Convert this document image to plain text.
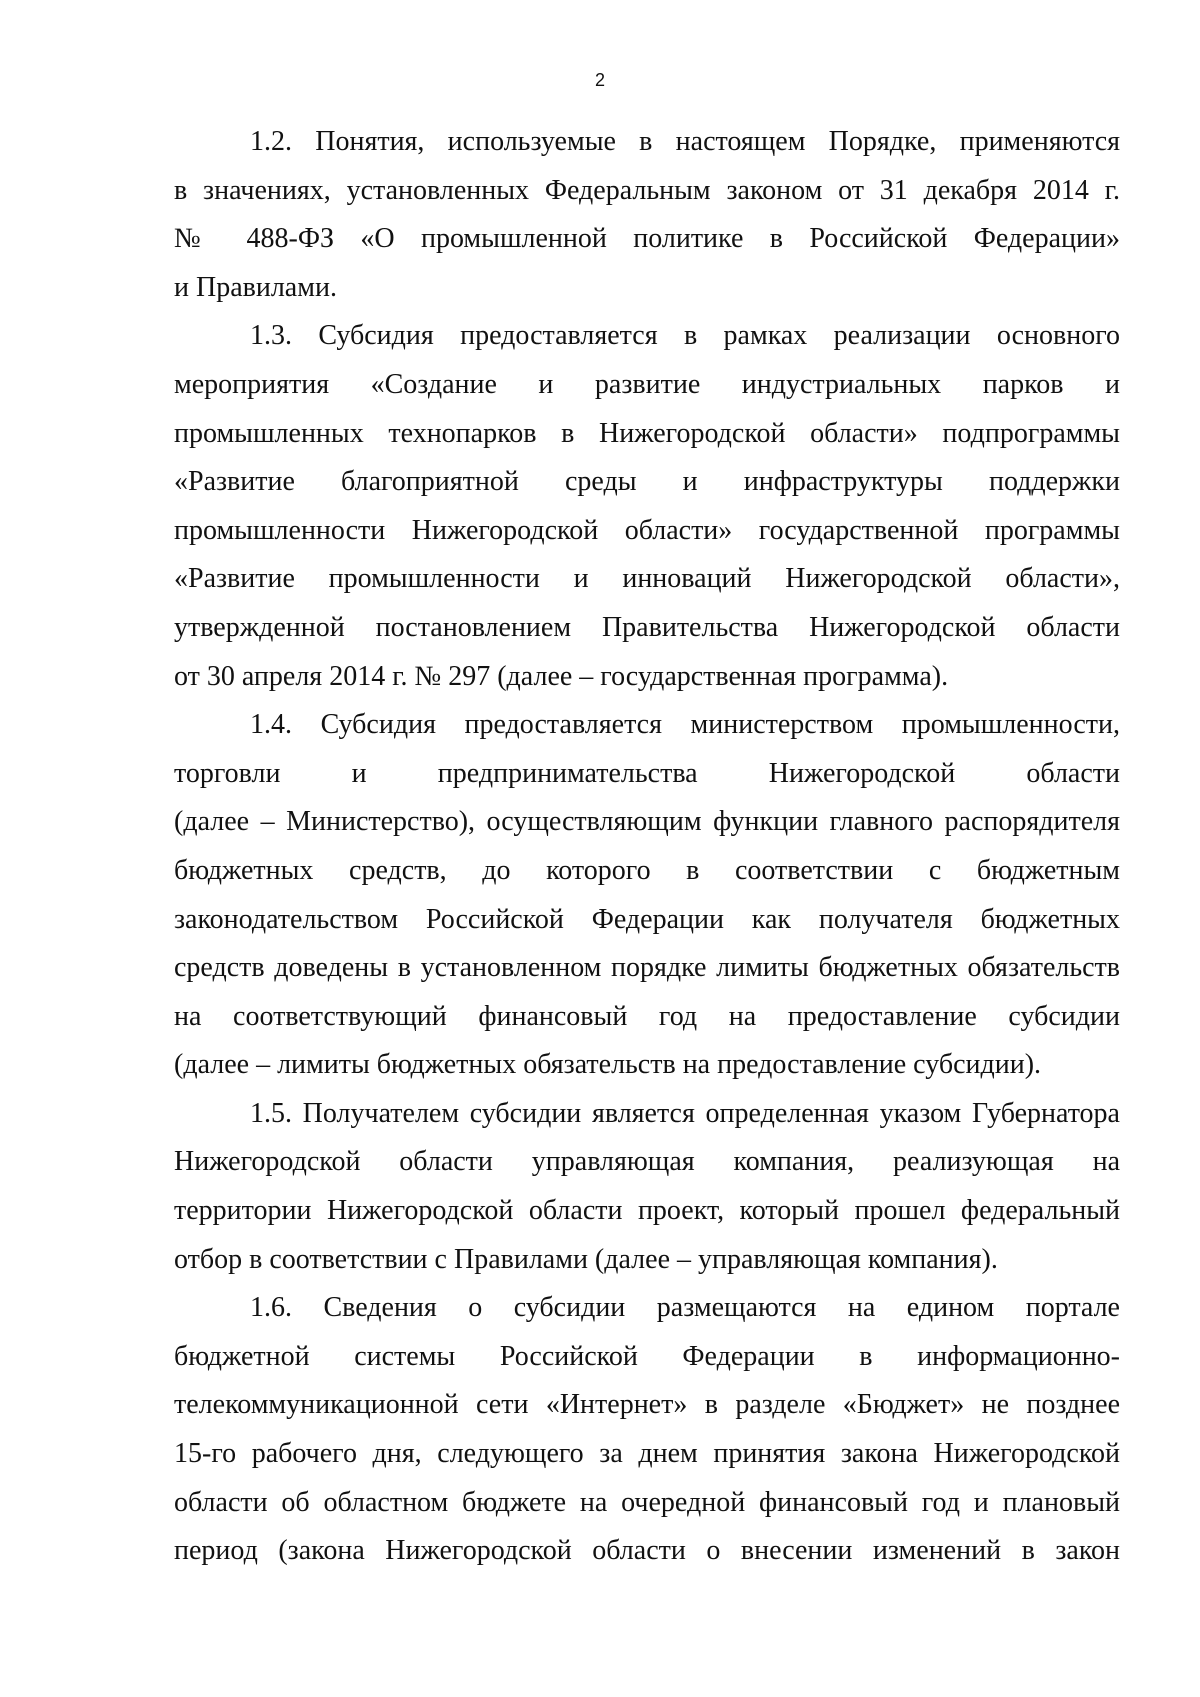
2
1.2. Понятия, используемые в настоящем Порядке, применяются
в значениях, установленных Федеральным законом от 31 декабря 2014 г.
№ 488-ФЗ «О промышленной политике в Российской Федерации»
и Правилами.
1.3. Субсидия предоставляется в рамках реализации основного
мероприятия «Создание и развитие индустриальных парков и
промышленных технопарков в Нижегородской области» подпрограммы
«Развитие благоприятной среды и инфраструктуры поддержки
промышленности Нижегородской области» государственной программы
«Развитие промышленности и инноваций Нижегородской области»,
утвержденной постановлением Правительства Нижегородской области
от 30 апреля 2014 г. № 297 (далее – государственная программа).
1.4. Субсидия предоставляется министерством промышленности,
торговли и предпринимательства Нижегородской области
(далее – Министерство), осуществляющим функции главного распорядителя
бюджетных средств, до которого в соответствии с бюджетным
законодательством Российской Федерации как получателя бюджетных
средств доведены в установленном порядке лимиты бюджетных обязательств
на соответствующий финансовый год на предоставление субсидии
(далее – лимиты бюджетных обязательств на предоставление субсидии).
1.5. Получателем субсидии является определенная указом Губернатора
Нижегородской области управляющая компания, реализующая на
территории Нижегородской области проект, который прошел федеральный
отбор в соответствии с Правилами (далее – управляющая компания).
1.6. Сведения о субсидии размещаются на едином портале
бюджетной системы Российской Федерации в информационно-
телекоммуникационной сети «Интернет» в разделе «Бюджет» не позднее
15-го рабочего дня, следующего за днем принятия закона Нижегородской
области об областном бюджете на очередной финансовый год и плановый
период (закона Нижегородской области о внесении изменений в закон
